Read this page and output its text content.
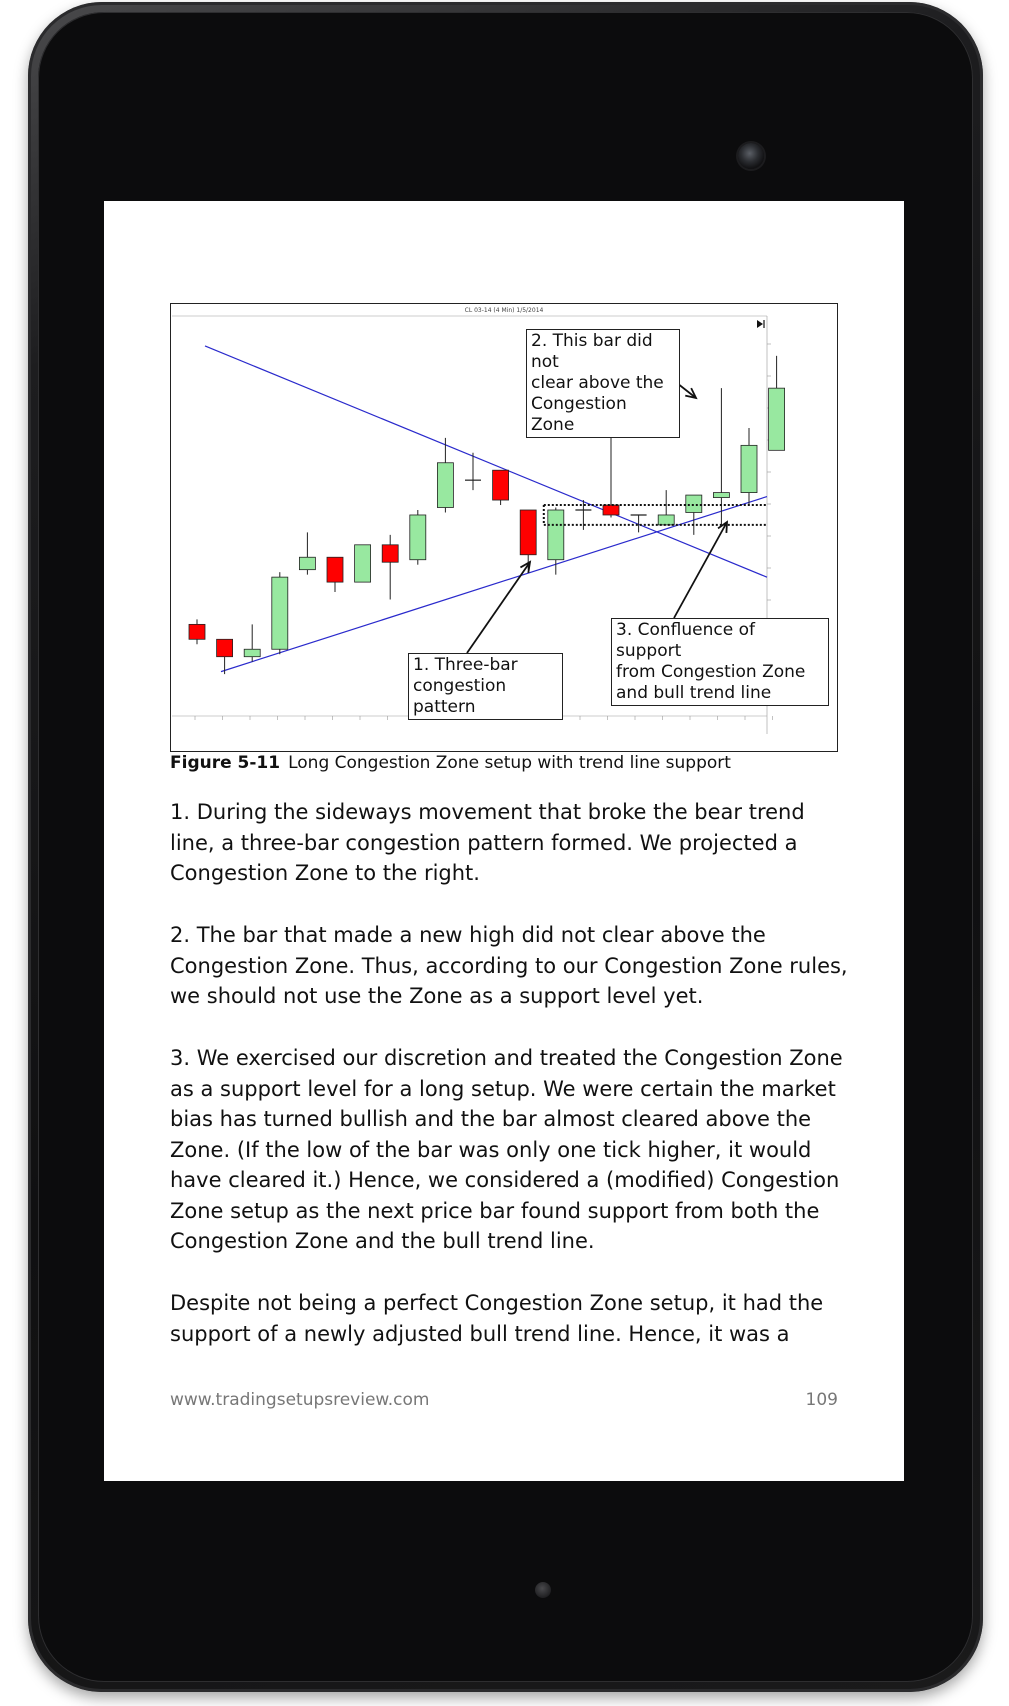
CL 03-14 (4 Min) 1/5/2014
2. This bar did not
clear above the
Congestion Zone
1. Three-bar
congestion pattern
3. Confluence of support
from Congestion Zone
and bull trend line
Figure 5-11 Long Congestion Zone setup with trend line support

1. During the sideways movement that broke the bear trend line, a three-bar congestion pattern formed. We projected a Congestion Zone to the right.

2. The bar that made a new high did not clear above the Congestion Zone. Thus, according to our Congestion Zone rules, we should not use the Zone as a support level yet.

3. We exercised our discretion and treated the Congestion Zone as a support level for a long setup. We were certain the market bias has turned bullish and the bar almost cleared above the Zone. (If the low of the bar was only one tick higher, it would have cleared it.) Hence, we considered a (modified) Congestion Zone setup as the next price bar found support from both the Congestion Zone and the bull trend line.

Despite not being a perfect Congestion Zone setup, it had the support of a newly adjusted bull trend line. Hence, it was a

www.tradingsetupsreview.com	109
